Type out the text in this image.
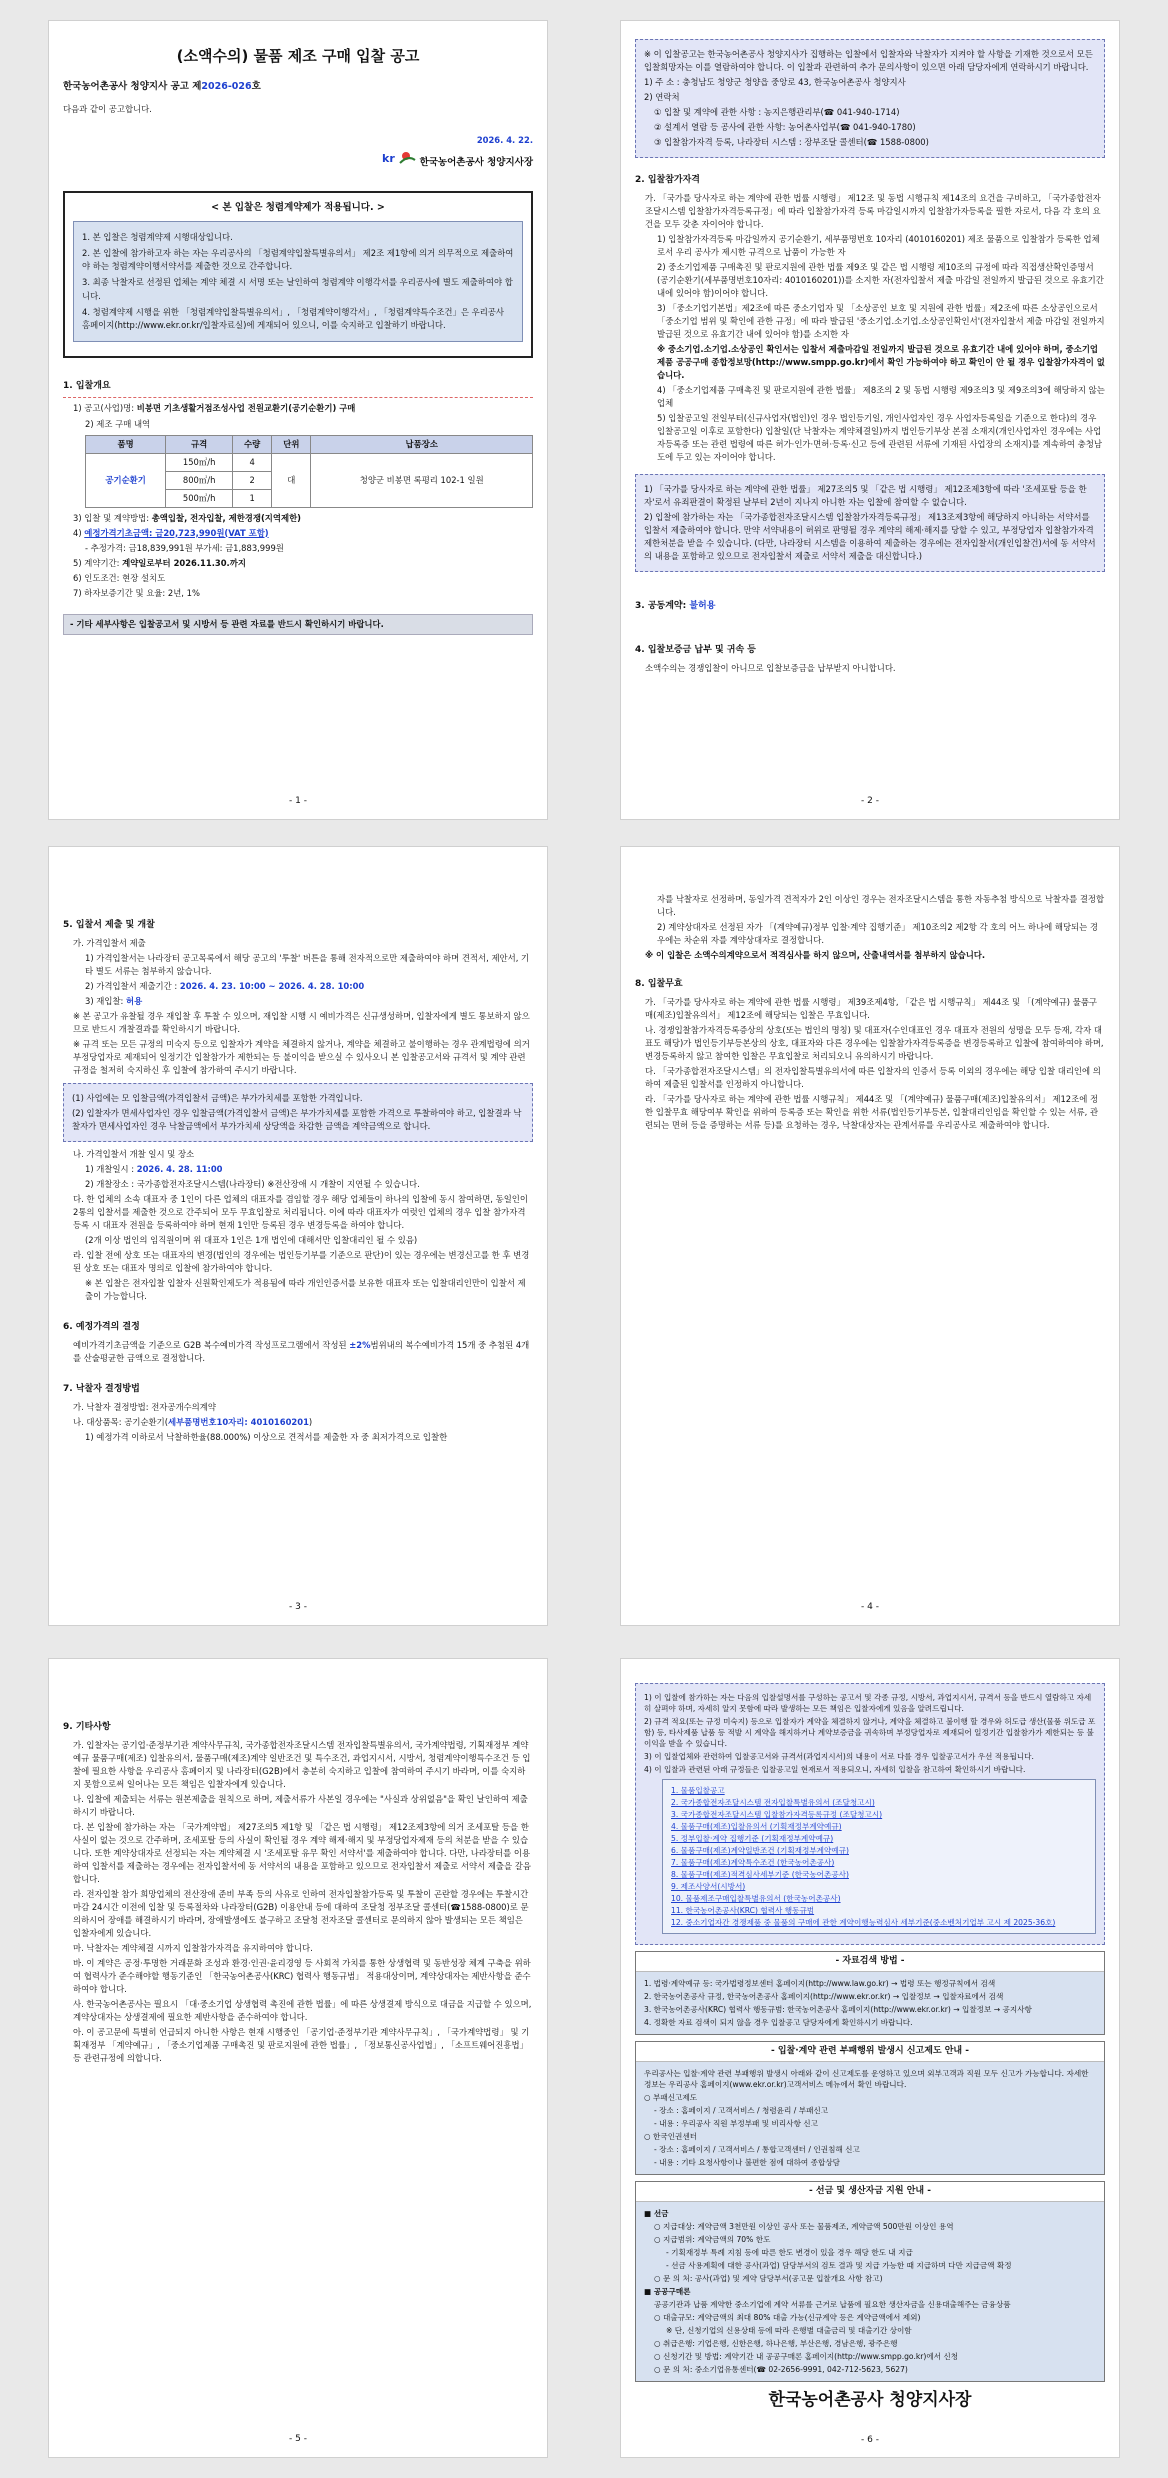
(소액수의) 물품 제조 구매 입찰 공고
한국농어촌공사 청양지사 공고 제2026-026호
다음과 같이 공고합니다.
2026. 4. 22.
kr	한국농어촌공사 청양지사장
< 본 입찰은 청렴계약제가 적용됩니다. >

1. 본 입찰은 청렴계약제 시행대상입니다.

2. 본 입찰에 참가하고자 하는 자는 우리공사의 「청렴계약입찰특별유의서」 제2조 제1항에 의거 의무적으로 제출하여야 하는 청렴계약이행서약서를 제출한 것으로 간주합니다.

3. 최종 낙찰자로 선정된 업체는 계약 체결 시 서명 또는 날인하여 청렴계약 이행각서를 우리공사에 별도 제출하여야 합니다.

4. 청렴계약제 시행을 위한 「청렴계약입찰특별유의서」, 「청렴계약이행각서」, 「청렴계약특수조건」은 우리공사 홈페이지(http://www.ekr.or.kr/입찰자료실)에 게재되어 있으니, 이를 숙지하고 입찰하기 바랍니다.

1. 입찰개요
1) 공고(사업)명: 비봉면 기초생활거점조성사업 전원교환기(공기순환기) 구매
2) 제조 구매 내역
품명	규격	수량	단위	납품장소
공기순환기	150㎥/h	4	대	청양군 비봉면 록평리 102-1 일원
	800㎥/h	2		
	500㎥/h	1		
3) 입찰 및 계약방법: 총액입찰, 전자입찰, 제한경쟁(지역제한)
4) 예정가격기초금액: 금20,723,990원(VAT 포함)
- 추정가격: 금18,839,991원 부가세: 금1,883,999원
5) 계약기간: 계약일로부터 2026.11.30.까지
6) 인도조건: 현장 설치도
7) 하자보증기간 및 요율: 2년, 1%
- 기타 세부사항은 입찰공고서 및 시방서 등 관련 자료를 반드시 확인하시기 바랍니다.
- 1 -
※ 이 입찰공고는 한국농어촌공사 청양지사가 집행하는 입찰에서 입찰자와 낙찰자가 지켜야 할 사항을 기재한 것으로서 모든 입찰희망자는 이를 열람하여야 합니다. 이 입찰과 관련하여 추가 문의사항이 있으면 아래 담당자에게 연락하시기 바랍니다.
1) 주 소 : 충청남도 청양군 청양읍 중앙로 43, 한국농어촌공사 청양지사
2) 연락처
① 입찰 및 계약에 관한 사항 : 농지은행관리부(☎ 041-940-1714)
② 설계서 열람 등 공사에 관한 사항: 농어촌사업부(☎ 041-940-1780)
③ 입찰참가자격 등록, 나라장터 시스템 : 장부조달 콜센터(☎ 1588-0800)
2. 입찰참가자격
가. 「국가를 당사자로 하는 계약에 관한 법률 시행령」 제12조 및 동법 시행규칙 제14조의 요건을 구비하고, 「국가종합전자조달시스템 입찰참가자격등록규정」에 따라 입찰참가자격 등록 마감일시까지 입찰참가자등록을 필한 자로서, 다음 각 호의 요건을 모두 갖춘 자이어야 합니다.
1) 입찰참가자격등록 마감일까지 공기순환기, 세부품명번호 10자리 (4010160201) 제조 물품으로 입찰참가 등록한 업체로서 우리 공사가 제시한 규격으로 납품이 가능한 자
2) 중소기업제품 구매촉진 및 판로지원에 관한 법률 제9조 및 같은 법 시행령 제10조의 규정에 따라 직접생산확인증명서(공기순환기(세부품명번호10자리: 4010160201))를 소지한 자(전자입찰서 제출 마감일 전일까지 발급된 것으로 유효기간 내에 있어야 함)이어야 합니다.
3) 「중소기업기본법」제2조에 따른 중소기업자 및 「소상공인 보호 및 지원에 관한 법률」제2조에 따른 소상공인으로서 「중소기업 범위 및 확인에 관한 규정」에 따라 발급된 '중소기업.소기업.소상공인확인서'(전자입찰서 제출 마감일 전일까지 발급된 것으로 유효기간 내에 있어야 함)를 소지한 자
※ 중소기업.소기업.소상공인 확인서는 입찰서 제출마감일 전일까지 발급된 것으로 유효기간 내에 있어야 하며, 중소기업제품 공공구매 종합정보망(http://www.smpp.go.kr)에서 확인 가능하여야 하고 확인이 안 될 경우 입찰참가자격이 없습니다.
4) 「중소기업제품 구매촉진 및 판로지원에 관한 법률」 제8조의 2 및 동법 시행령 제9조의3 및 제9조의3에 해당하지 않는 업체
5) 입찰공고일 전일부터(신규사업자(법인)인 경우 법인등기일, 개인사업자인 경우 사업자등록일을 기준으로 한다)의 경우 입찰공고일 이후로 포함한다) 입찰일(단 낙찰자는 계약체결일)까지 법인등기부상 본점 소재지(개인사업자인 경우에는 사업자등록증 또는 관련 법령에 따른 허가·인가·면허·등록·신고 등에 관련된 서류에 기재된 사업장의 소재지)를 계속하여 충청남도에 두고 있는 자이어야 합니다.
1) 「국가를 당사자로 하는 계약에 관한 법률」 제27조의5 및 「같은 법 시행령」 제12조제3항에 따라 '조세포탈 등을 한 자'로서 유죄판결이 확정된 날부터 2년이 지나지 아니한 자는 입찰에 참여할 수 없습니다.
2) 입찰에 참가하는 자는 「국가종합전자조달시스템 입찰참가자격등록규정」 제13조제3항에 해당하지 아니하는 서약서를 입찰서 제출하여야 합니다. 만약 서약내용이 허위로 판명될 경우 계약의 해제·해지를 당할 수 있고, 부정당업자 입찰참가자격 제한처분을 받을 수 있습니다. (다만, 나라장터 시스템을 이용하여 제출하는 경우에는 전자입찰서(개인입찰건)서에 동 서약서의 내용을 포함하고 있으므로 전자입찰서 제출로 서약서 제출을 대신합니다.)
3. 공동계약: 불허용
4. 입찰보증금 납부 및 귀속 등
소액수의는 경쟁입찰이 아니므로 입찰보증금을 납부받지 아니합니다.
- 2 -
5. 입찰서 제출 및 개찰
가. 가격입찰서 제출
1) 가격입찰서는 나라장터 공고목록에서 해당 공고의 '투찰' 버튼을 통해 전자적으로만 제출하여야 하며 견적서, 제안서, 기타 별도 서류는 첨부하지 않습니다.
2) 가격입찰서 제출기간 : 2026. 4. 23. 10:00 ~ 2026. 4. 28. 10:00
3) 재입찰: 허용
※ 본 공고가 유찰될 경우 재입찰 후 투찰 수 있으며, 재입찰 시행 시 예비가격은 신규생성하며, 입찰자에게 별도 통보하지 않으므로 반드시 개찰결과를 확인하시기 바랍니다.
※ 규격 또는 모든 규정의 미숙지 등으로 입찰자가 계약을 체결하지 않거나, 계약을 체결하고 불이행하는 경우 관계법령에 의거 부정당업자로 제재되어 일정기간 입찰참가가 제한되는 등 불이익을 받으실 수 있사오니 본 입찰공고서와 규격서 및 계약 관련 규정을 철저히 숙지하신 후 입찰에 참가하여 주시기 바랍니다.
(1) 사업에는 모 입찰금액(가격입찰서 금액)은 부가가치세를 포함한 가격입니다.
(2) 입찰자가 면세사업자인 경우 입찰금액(가격입찰서 금액)은 부가가치세를 포함한 가격으로 투찰하여야 하고, 입찰결과 낙찰자가 면세사업자인 경우 낙찰금액에서 부가가치세 상당액을 차감한 금액을 계약금액으로 합니다.
나. 가격입찰서 개찰 일시 및 장소
1) 개찰일시 : 2026. 4. 28. 11:00
2) 개찰장소 : 국가종합전자조달시스템(나라장터) ※전산장애 시 개찰이 지연될 수 있습니다.
다. 한 업체의 소속 대표자 중 1인이 다른 업체의 대표자를 겸임할 경우 해당 업체들이 하나의 입찰에 동시 참여하면, 동일인이 2통의 입찰서를 제출한 것으로 간주되어 모두 무효입찰로 처리됩니다. 이에 따라 대표자가 여럿인 업체의 경우 입찰 참가자격 등록 시 대표자 전원을 등록하여야 하며 현재 1인만 등록된 경우 변경등록을 하여야 합니다.
(2개 이상 법인의 임직원이며 위 대표자 1인은 1개 법인에 대해서만 입찰대리인 될 수 있음)
라. 입찰 전에 상호 또는 대표자의 변경(법인의 경우에는 법인등기부를 기준으로 판단)이 있는 경우에는 변경신고를 한 후 변경된 상호 또는 대표자 명의로 입찰에 참가하여야 합니다.
※ 본 입찰은 전자입찰 입찰자 신원확인제도가 적용됨에 따라 개인인증서를 보유한 대표자 또는 입찰대리인만이 입찰서 제출이 가능합니다.
6. 예정가격의 결정
예비가격기초금액을 기준으로 G2B 복수예비가격 작성프로그램에서 작성된 ±2%범위내의 복수예비가격 15개 중 추첨된 4개를 산술평균한 금액으로 결정합니다.
7. 낙찰자 결정방법
가. 낙찰자 결정방법: 전자공개수의계약
나. 대상품목: 공기순환기(세부품명번호10자리: 4010160201)
1) 예정가격 이하로서 낙찰하한율(88.000%) 이상으로 견적서를 제출한 자 중 최저가격으로 입찰한
- 3 -
자를 낙찰자로 선정하며, 동일가격 견적자가 2인 이상인 경우는 전자조달시스템을 통한 자동추첨 방식으로 낙찰자를 결정합니다.
2) 계약상대자로 선정된 자가 「(계약예규)정부 입찰·계약 집행기준」 제10조의2 제2항 각 호의 어느 하나에 해당되는 경우에는 차순위 자를 계약상대자로 결정합니다.
※ 이 입찰은 소액수의계약으로서 적격심사를 하지 않으며, 산출내역서를 첨부하지 않습니다.
8. 입찰무효
가. 「국가를 당사자로 하는 계약에 관한 법률 시행령」 제39조제4항, 「같은 법 시행규칙」 제44조 및 「(계약예규) 물품구매(제조)입찰유의서」 제12조에 해당되는 입찰은 무효입니다.
나. 경쟁입찰참가자격등록증상의 상호(또는 법인의 명칭) 및 대표자(수인대표인 경우 대표자 전원의 성명을 모두 등재, 각자 대표도 해당)가 법인등기부등본상의 상호, 대표자와 다른 경우에는 입찰참가자격등록증을 변경등록하고 입찰에 참여하여야 하며, 변경등록하지 않고 참여한 입찰은 무효입찰로 처리되오니 유의하시기 바랍니다.
다. 「국가종합전자조달시스템」의 전자입찰특별유의서에 따른 입찰자의 인증서 등록 이외의 경우에는 해당 입찰 대리인에 의하여 제출된 입찰서를 인정하지 아니합니다.
라. 「국가를 당사자로 하는 계약에 관한 법률 시행규칙」 제44조 및 「(계약예규) 물품구매(제조)입찰유의서」 제12조에 정한 입찰무효 해당여부 확인을 위하여 등록증 또는 확인을 위한 서류(법인등기부등본, 입찰대리인임을 확인할 수 있는 서류, 관련되는 면허 등을 증명하는 서류 등)를 요청하는 경우, 낙찰대상자는 관계서류를 우리공사로 제출하여야 합니다.
- 4 -
9. 기타사항
가. 입찰자는 공기업·준정부기관 계약사무규칙, 국가종합전자조달시스템 전자입찰특별유의서, 국가계약법령, 기획재정부 계약예규 물품구매(제조) 입찰유의서, 물품구매(제조)계약 일반조건 및 특수조건, 과업지시서, 시방서, 청렴계약이행특수조건 등 입찰에 필요한 사항을 우리공사 홈페이지 및 나라장터(G2B)에서 충분히 숙지하고 입찰에 참여하여 주시기 바라며, 이를 숙지하지 못함으로써 일어나는 모든 책임은 입찰자에게 있습니다.
나. 입찰에 제출되는 서류는 원본제출을 원칙으로 하며, 제출서류가 사본일 경우에는 "사실과 상위없음"을 확인 날인하여 제출하시기 바랍니다.
다. 본 입찰에 참가하는 자는 「국가계약법」 제27조의5 제1항 및 「같은 법 시행령」 제12조제3항에 의거 조세포탈 등을 한 사실이 없는 것으로 간주하며, 조세포탈 등의 사실이 확인될 경우 계약 해제·해지 및 부정당업자제재 등의 처분을 받을 수 있습니다. 또한 계약상대자로 선정되는 자는 계약체결 시 '조세포탈 유무 확인 서약서'를 제출하여야 합니다. 다만, 나라장터를 이용하여 입찰서를 제출하는 경우에는 전자입찰서에 동 서약서의 내용을 포함하고 있으므로 전자입찰서 제출로 서약서 제출을 갈음합니다.
라. 전자입찰 참가 희망업체의 전산장애 준비 부족 등의 사유로 인하여 전자입찰참가등록 및 투찰이 곤란할 경우에는 투찰시간 마감 24시간 이전에 입찰 및 등록절차와 나라장터(G2B) 이용안내 등에 대하여 조달청 정부조달 콜센터(☎1588-0800)로 문의하시어 장애를 해결하시기 바라며, 장애발생에도 불구하고 조달청 전자조달 콜센터로 문의하지 않아 발생되는 모든 책임은 입찰자에게 있습니다.
마. 낙찰자는 계약체결 시까지 입찰참가자격을 유지하여야 합니다.
바. 이 계약은 공정·투명한 거래문화 조성과 환경·인권·윤리경영 등 사회적 가치를 통한 상생협력 및 동반성장 체계 구축을 위하여 협력사가 준수해야할 행동기준인 「한국농어촌공사(KRC) 협력사 행동규범」 적용대상이며, 계약상대자는 제반사항을 준수하여야 합니다.
사. 한국농어촌공사는 필요시 「대·중소기업 상생협력 촉진에 관한 법률」에 따른 상생결제 방식으로 대금을 지급할 수 있으며, 계약상대자는 상생결제에 필요한 제반사항을 준수하여야 합니다.
아. 이 공고문에 특별히 언급되지 아니한 사항은 현재 시행중인 「공기업·준정부기관 계약사무규칙」, 「국가계약법령」 및 기획재정부 「계약예규」, 「중소기업제품 구매촉진 및 판로지원에 관한 법률」, 「정보통신공사업법」, 「소프트웨어진흥법」 등 관련규정에 의합니다.
- 5 -
1) 이 입찰에 참가하는 자는 다음의 입찰설명서를 구성하는 공고서 및 각종 규정, 시방서, 과업지시서, 규격서 등을 반드시 열람하고 자세히 살펴야 하며, 자세히 알지 못함에 따라 발생하는 모든 책임은 입찰자에게 있음을 알려드립니다.
2) 규격 적요(또는 규정 미숙지) 등으로 입찰자가 계약을 체결하지 않거나, 계약을 체결하고 불이행 할 경우와 허도급 생산(물품 위도급 포함) 등, 타사제품 납품 등 적발 시 계약을 해지하거나 계약보증금을 귀속하며 부정당업자로 제재되어 일정기간 입찰참가가 제한되는 등 불이익을 받을 수 있습니다.
3) 이 입찰업체와 관련하여 입찰공고서와 규격서(과업지시서)의 내용이 서로 다를 경우 입찰공고서가 우선 적용됩니다.
4) 이 입찰과 관련된 아래 규정들은 입찰공고일 현재로서 적용되오니, 자세히 입찰을 참고하여 확인하시기 바랍니다.

1. 물품입찰공고

2. 국가종합전자조달시스템 전자입찰특별유의서 (조달청고시)

3. 국가종합전자조달시스템 입찰참가자격등록규정 (조달청고시)

4. 물품구매(제조)입찰유의서 (기획재정부계약예규)

5. 정부입찰·계약 집행기준 (기획재정부계약예규)

6. 물품구매(제조)계약일반조건 (기획재정부계약예규)

7. 물품구매(제조)계약특수조건 (한국농어촌공사)

8. 물품구매(제조)적격심사세부기준 (한국농어촌공사)

9. 제조사양서(시방서)

10. 물품제조구매입찰특별유의서 (한국농어촌공사)

11. 한국농어촌공사(KRC) 협력사 행동규범

12. 중소기업자간 경쟁제품 중 물품의 구매에 관한 계약이행능력심사 세부기준(중소벤처기업부 고시 제 2025-36호)

- 자료검색 방법 -
1. 법령·계약예규 등: 국가법령정보센터 홈페이지(http://www.law.go.kr) → 법령 또는 행정규칙에서 검색
2. 한국농어촌공사 규정, 한국농어촌공사 홈페이지(http://www.ekr.or.kr) → 입찰정보 → 입찰자료에서 검색
3. 한국농어촌공사(KRC) 협력사 행동규범: 한국농어촌공사 홈페이지(http://www.ekr.or.kr) → 입찰정보 → 공지사항
4. 정확한 자료 검색이 되지 않을 경우 입찰공고 담당자에게 확인하시기 바랍니다.
- 입찰·계약 관련 부패행위 발생시 신고제도 안내 -
우리공사는 입찰·계약 관련 부패행위 발생시 아래와 같이 신고제도를 운영하고 있으며 외부고객과 직원 모두 신고가 가능합니다. 자세한 정보는 우리공사 홈페이지(www.ekr.or.kr)고객서비스 메뉴에서 확인 바랍니다.
○ 부패신고제도
- 장소 : 홈페이지 / 고객서비스 / 청렴윤리 / 부패신고
- 내용 : 우리공사 직원 부정부패 및 비리사항 신고
○ 한국인권센터
- 장소 : 홈페이지 / 고객서비스 / 통합고객센터 / 인권침해 신고
- 내용 : 기타 요청사항이나 불편한 점에 대하여 종합상담
- 선금 및 생산자금 지원 안내 -
■ 선금
○ 지급대상: 계약금액 3천만원 이상인 공사 또는 물품제조, 계약금액 500만원 이상인 용역
○ 지급범위: 계약금액의 70% 한도
- 기획재정부 특례 지침 등에 따른 한도 변경이 있을 경우 해당 한도 내 지급
- 선금 사용계획에 대한 공사(과업) 담당부서의 검토 결과 및 지급 가능한 때 지급하며 다만 지급금액 확정
○ 문 의 처: 공사(과업) 및 계약 담당부서(공고문 입찰개요 사항 참고)
■ 공공구매론
공공기관과 납품 계약한 중소기업에 계약 서류를 근거로 납품에 필요한 생산자금을 신용대출해주는 금융상품
○ 대출규모: 계약금액의 최대 80% 대출 가능(신규계약 등은 계약금액에서 제외)
※ 단, 신청기업의 신용상태 등에 따라 은행별 대출금리 및 대출기간 상이함
○ 취급은행: 기업은행, 신한은행, 하나은행, 부산은행, 경남은행, 광주은행
○ 신청기간 및 방법: 계약기간 내 공공구매론 홈페이지(http://www.smpp.go.kr)에서 신청
○ 문 의 처: 중소기업유통센터(☎ 02-2656-9991, 042-712-5623, 5627)
한국농어촌공사 청양지사장
- 6 -
